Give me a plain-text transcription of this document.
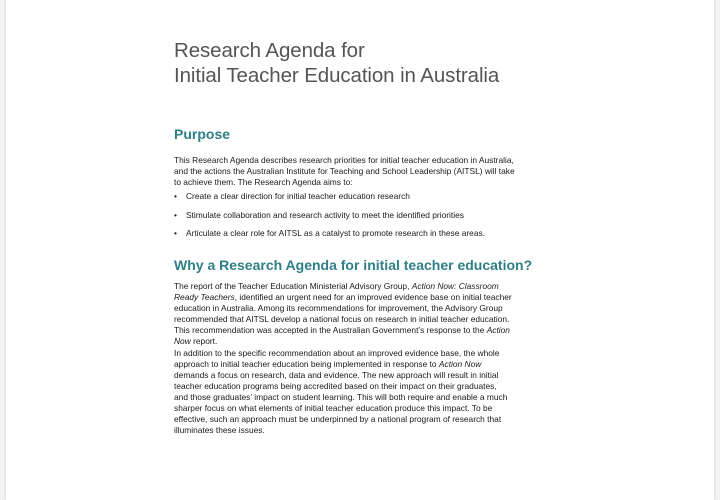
Research Agenda for
Initial Teacher Education in Australia
Purpose
This Research Agenda describes research priorities for initial teacher education in Australia,
and the actions the Australian Institute for Teaching and School Leadership (AITSL) will take
to achieve them. The Research Agenda aims to:
• Create a clear direction for initial teacher education research
• Stimulate collaboration and research activity to meet the identified priorities
• Articulate a clear role for AITSL as a catalyst to promote research in these areas.
Why a Research Agenda for initial teacher education?
The report of the Teacher Education Ministerial Advisory Group, Action Now: Classroom
Ready Teachers, identified an urgent need for an improved evidence base on initial teacher
education in Australia. Among its recommendations for improvement, the Advisory Group
recommended that AITSL develop a national focus on research in initial teacher education.
This recommendation was accepted in the Australian Government’s response to the Action
Now report.
In addition to the specific recommendation about an improved evidence base, the whole
approach to initial teacher education being implemented in response to Action Now
demands a focus on research, data and evidence. The new approach will result in initial
teacher education programs being accredited based on their impact on their graduates,
and those graduates’ impact on student learning. This will both require and enable a much
sharper focus on what elements of initial teacher education produce this impact. To be
effective, such an approach must be underpinned by a national program of research that
illuminates these issues.
